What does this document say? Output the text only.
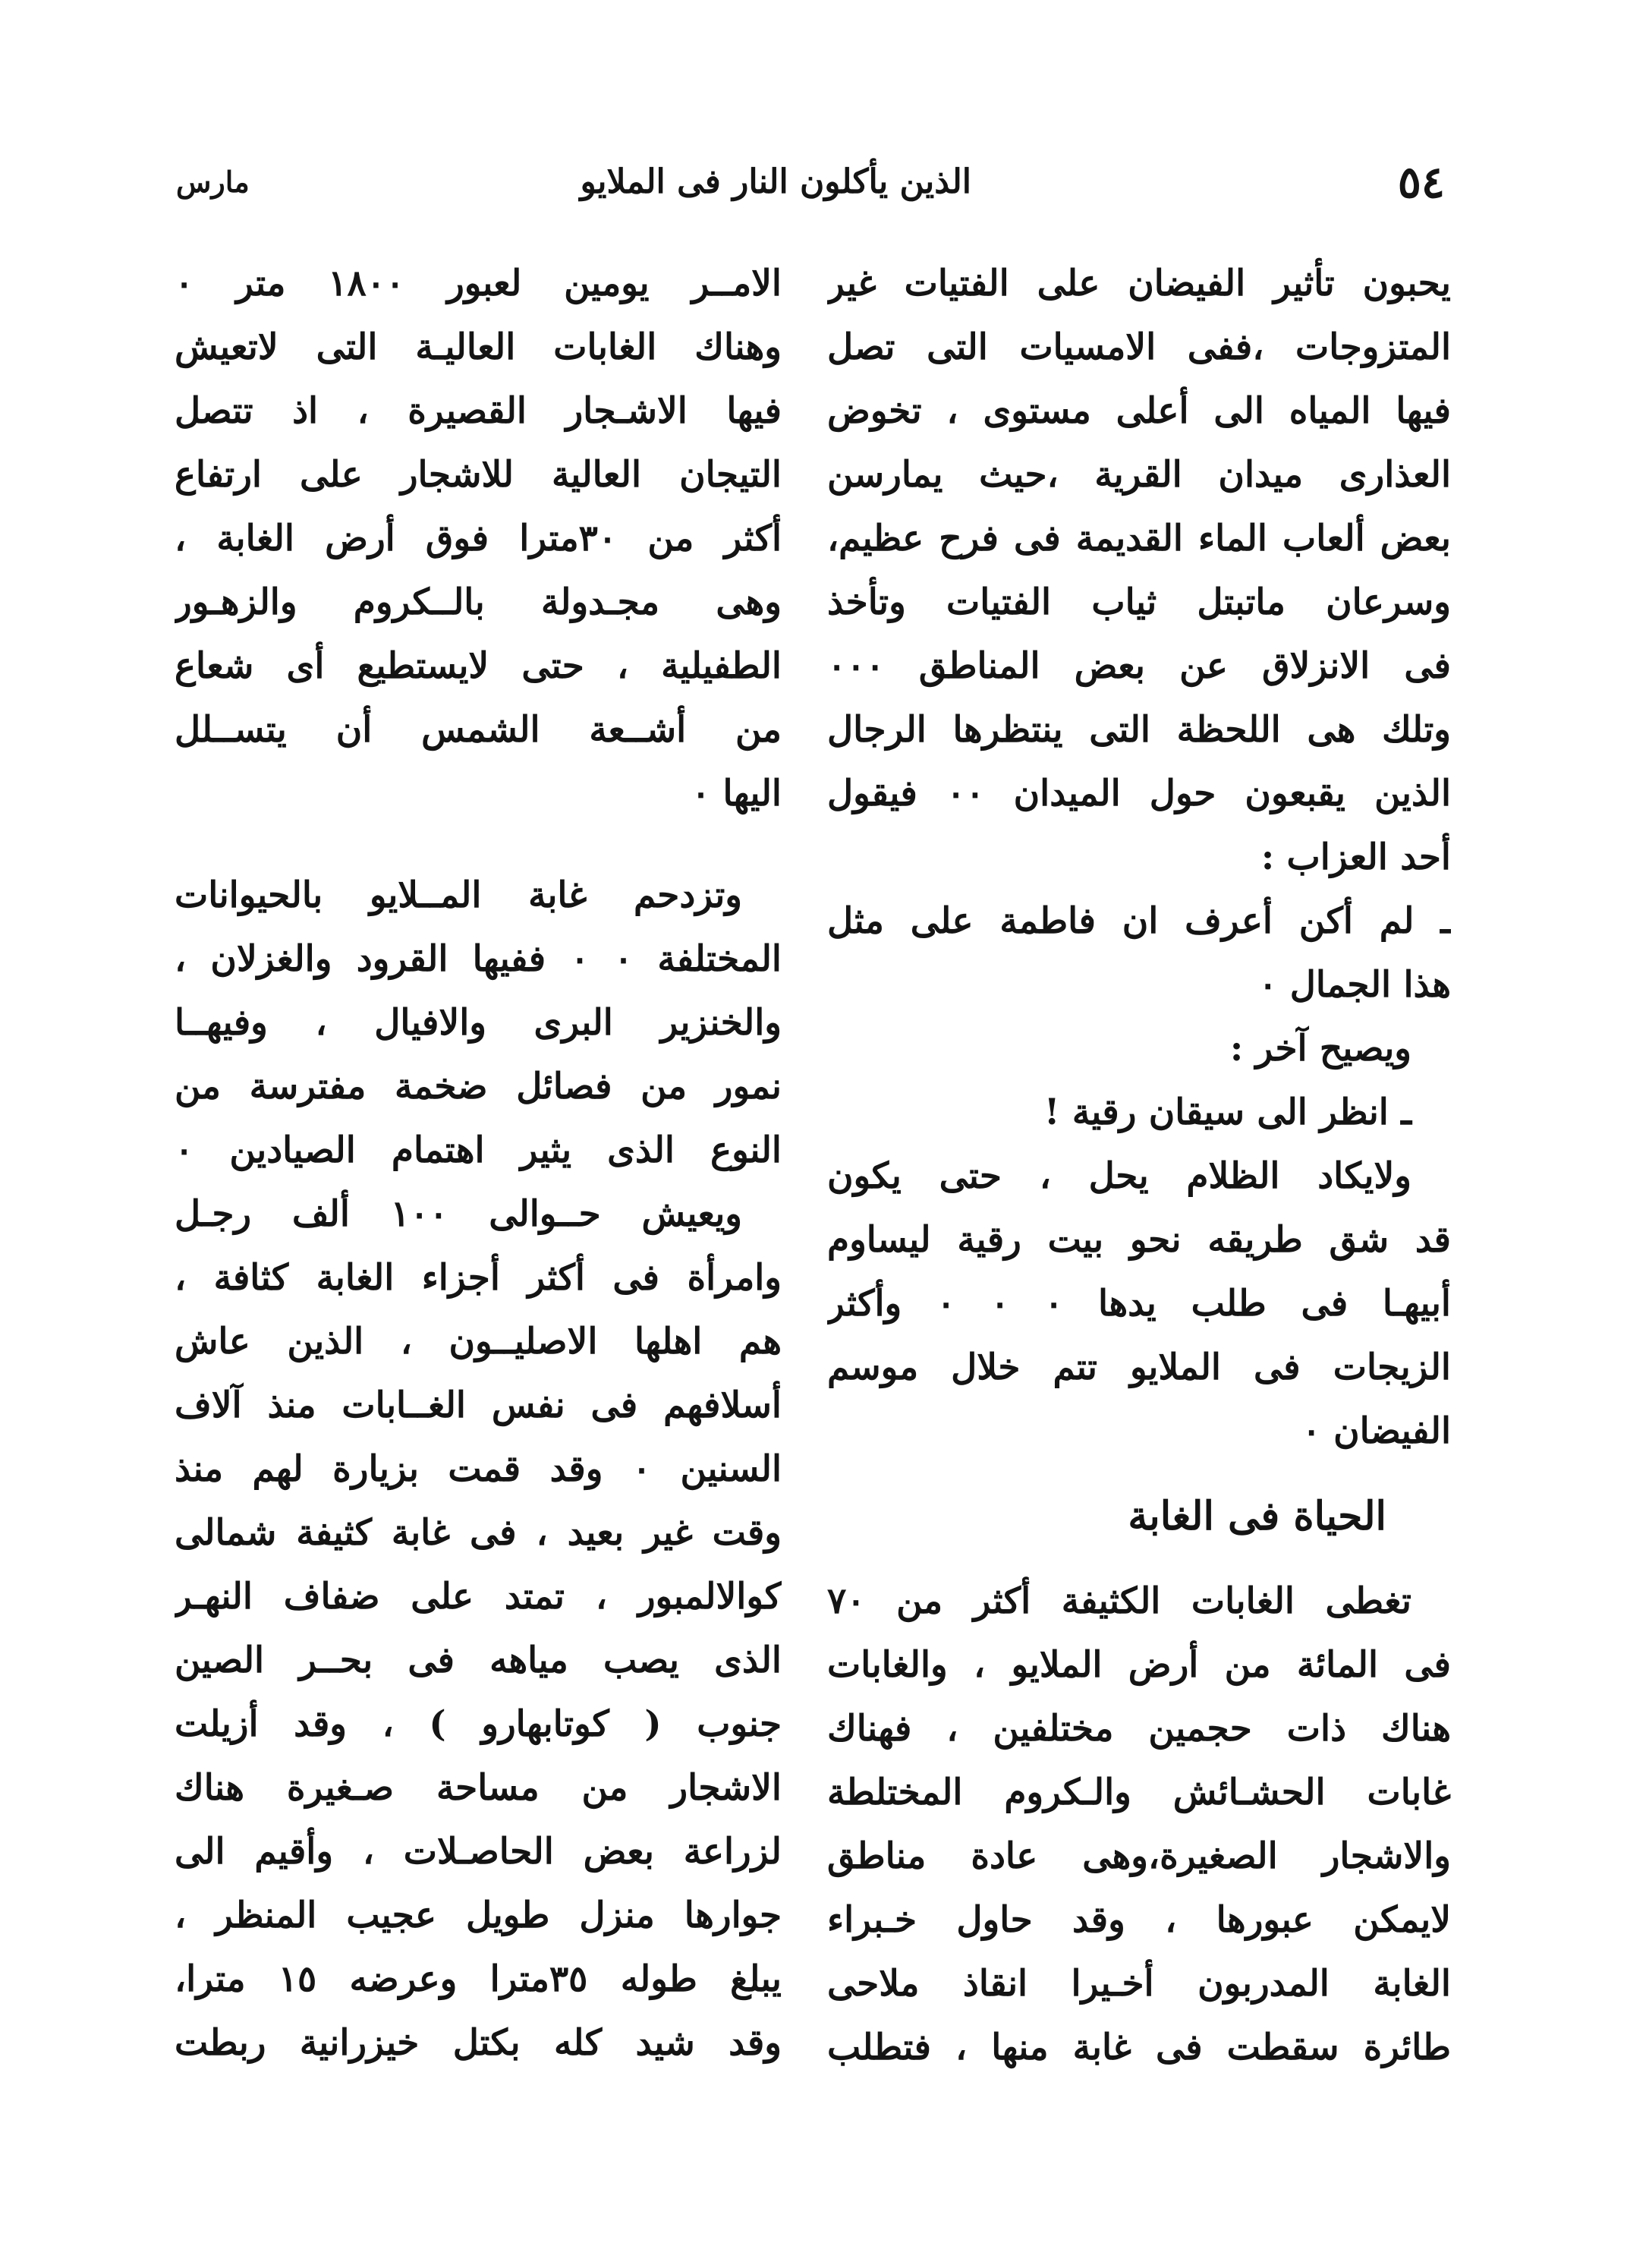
٥٤
الذين يأكلون النار فى الملايو
مارس
يحبون تأثير الفيضان على الفتيات غير
المتزوجات ،ففى الامسيات التى تصل
فيها المياه الى أعلى مستوى ، تخوض
العذارى ميدان القرية ،حيث يمارسن
بعض ألعاب الماء القديمة فى فرح عظيم،
وسرعان ماتبتل ثياب الفتيات وتأخذ
فى الانزلاق عن بعض المناطق ٠٠٠
وتلك هى اللحظة التى ينتظرها الرجال
الذين يقبعون حول الميدان ٠٠ فيقول
أحد العزاب :
ـ لم أكن أعرف ان فاطمة على مثل
هذا الجمال ٠
ويصيح آخر :
ـ انظر الى سيقان رقية !
ولايكاد الظلام يحل ، حتى يكون
قد شق طريقه نحو بيت رقية ليساوم
أبيهـا فى طلب يدها ٠ ٠ ٠ وأكثر
الزيجات فى الملايو تتم خلال موسم
الفيضان ٠
الحياة فى الغابة
تغطى الغابات الكثيفة أكثر من ٧٠
فى المائة من أرض الملايو ، والغابات
هناك ذات حجمين مختلفين ، فهناك
غابات الحشـائش والـكروم المختلطة
والاشجار الصغيرة،وهى عادة مناطق
لايمكن عبورها ، وقد حاول خـبراء
الغابة المدربون أخـيرا انقاذ ملاحى
طائرة سقطت فى غابة منها ، فتطلب
الامــر يومين لعبور ١٨٠٠ متر ٠
وهناك الغابات العاليـة التى لاتعيش
فيها الاشـجار القصيرة ، اذ تتصل
التيجان العالية للاشجار على ارتفاع
أكثر من ٣٠مترا فوق أرض الغابة ،
وهى مجـدولة بالــكروم والزهـور
الطفيلية ، حتى لايستطيع أى شعاع
من أشــعة الشمس أن يتســلل
اليها ٠
وتزدحم غابة المــلايو بالحيوانات
المختلفة ٠ ٠ ففيها القرود والغزلان ،
والخنزير البرى والافيال ، وفيهــا
نمور من فصائل ضخمة مفترسة من
النوع الذى يثير اهتمام الصيادين ٠
ويعيش حــوالى ١٠٠ ألف رجـل
وامرأة فى أكثر أجزاء الغابة كثافة ،
هم اهلها الاصليــون ، الذين عاش
أسلافهم فى نفس الغــابات منذ آلاف
السنين ٠ وقد قمت بزيارة لهم منذ
وقت غير بعيد ، فى غابة كثيفة شمالى
كوالالمبور ، تمتد على ضفاف النهـر
الذى يصب مياهه فى بحــر الصين
جنوب ( كوتابهارو ) ، وقد أزيلت
الاشجار من مساحة صـغيرة هناك
لزراعة بعض الحاصـلات ، وأقيم الى
جوارها منزل طويل عجيب المنظر ،
يبلغ طوله ٣٥مترا وعرضه ١٥ مترا،
وقد شيد كله بكتل خيزرانية ربطت
